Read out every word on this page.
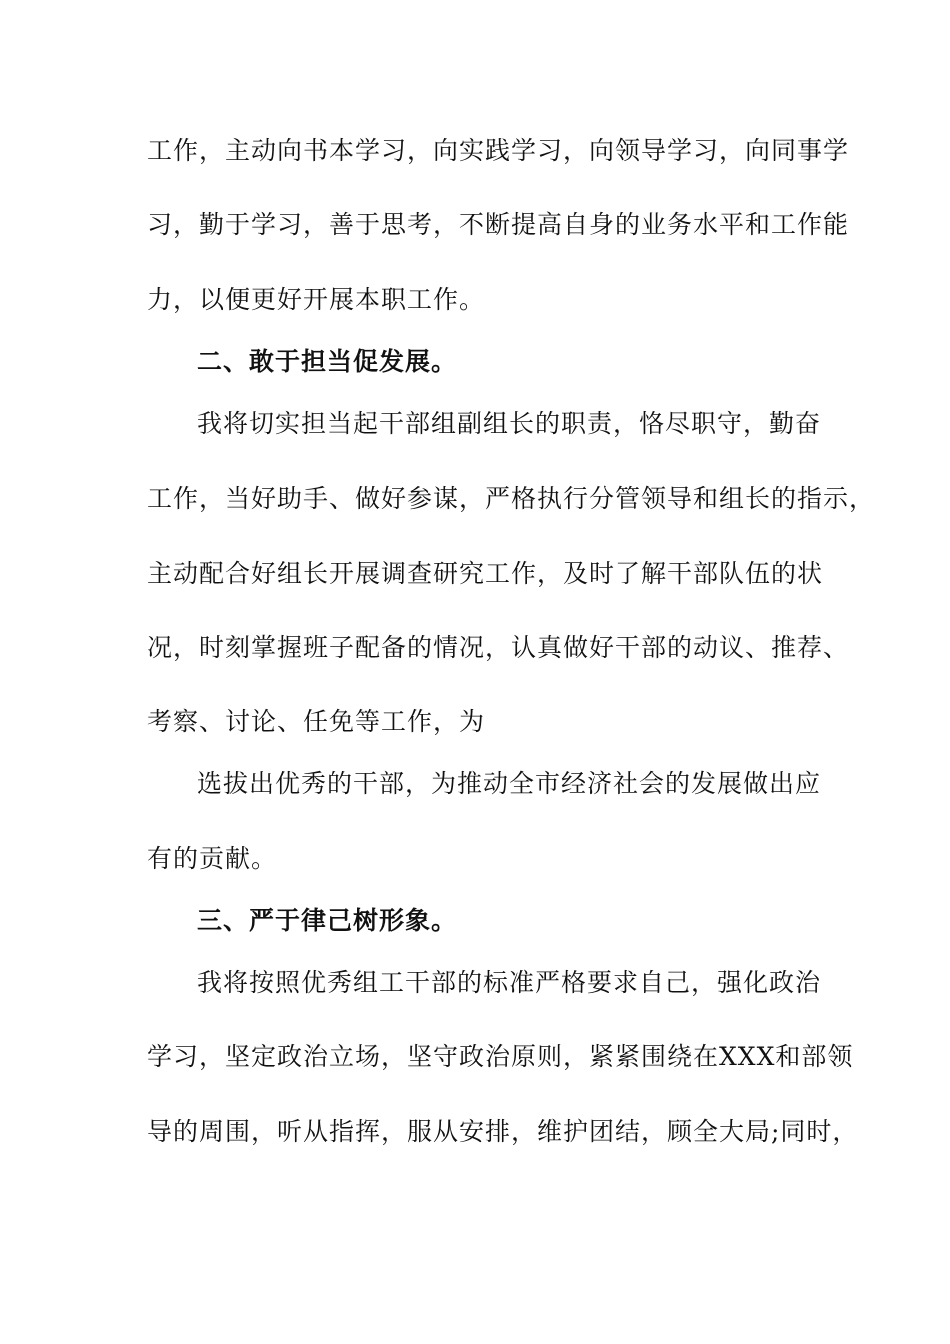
工作，主动向书本学习，向实践学习，向领导学习，向同事学
习，勤于学习，善于思考，不断提高自身的业务水平和工作能
力，以便更好开展本职工作。
二、敢于担当促发展。
我将切实担当起干部组副组长的职责，恪尽职守，勤奋
工作，当好助手、做好参谋，严格执行分管领导和组长的指示，
主动配合好组长开展调查研究工作，及时了解干部队伍的状
况，时刻掌握班子配备的情况，认真做好干部的动议、推荐、
考察、讨论、任免等工作，为
选拔出优秀的干部，为推动全市经济社会的发展做出应
有的贡献。
三、严于律己树形象。
我将按照优秀组工干部的标准严格要求自己，强化政治
学习，坚定政治立场，坚守政治原则，紧紧围绕在XXX和部领
导的周围，听从指挥，服从安排，维护团结，顾全大局;同时，
